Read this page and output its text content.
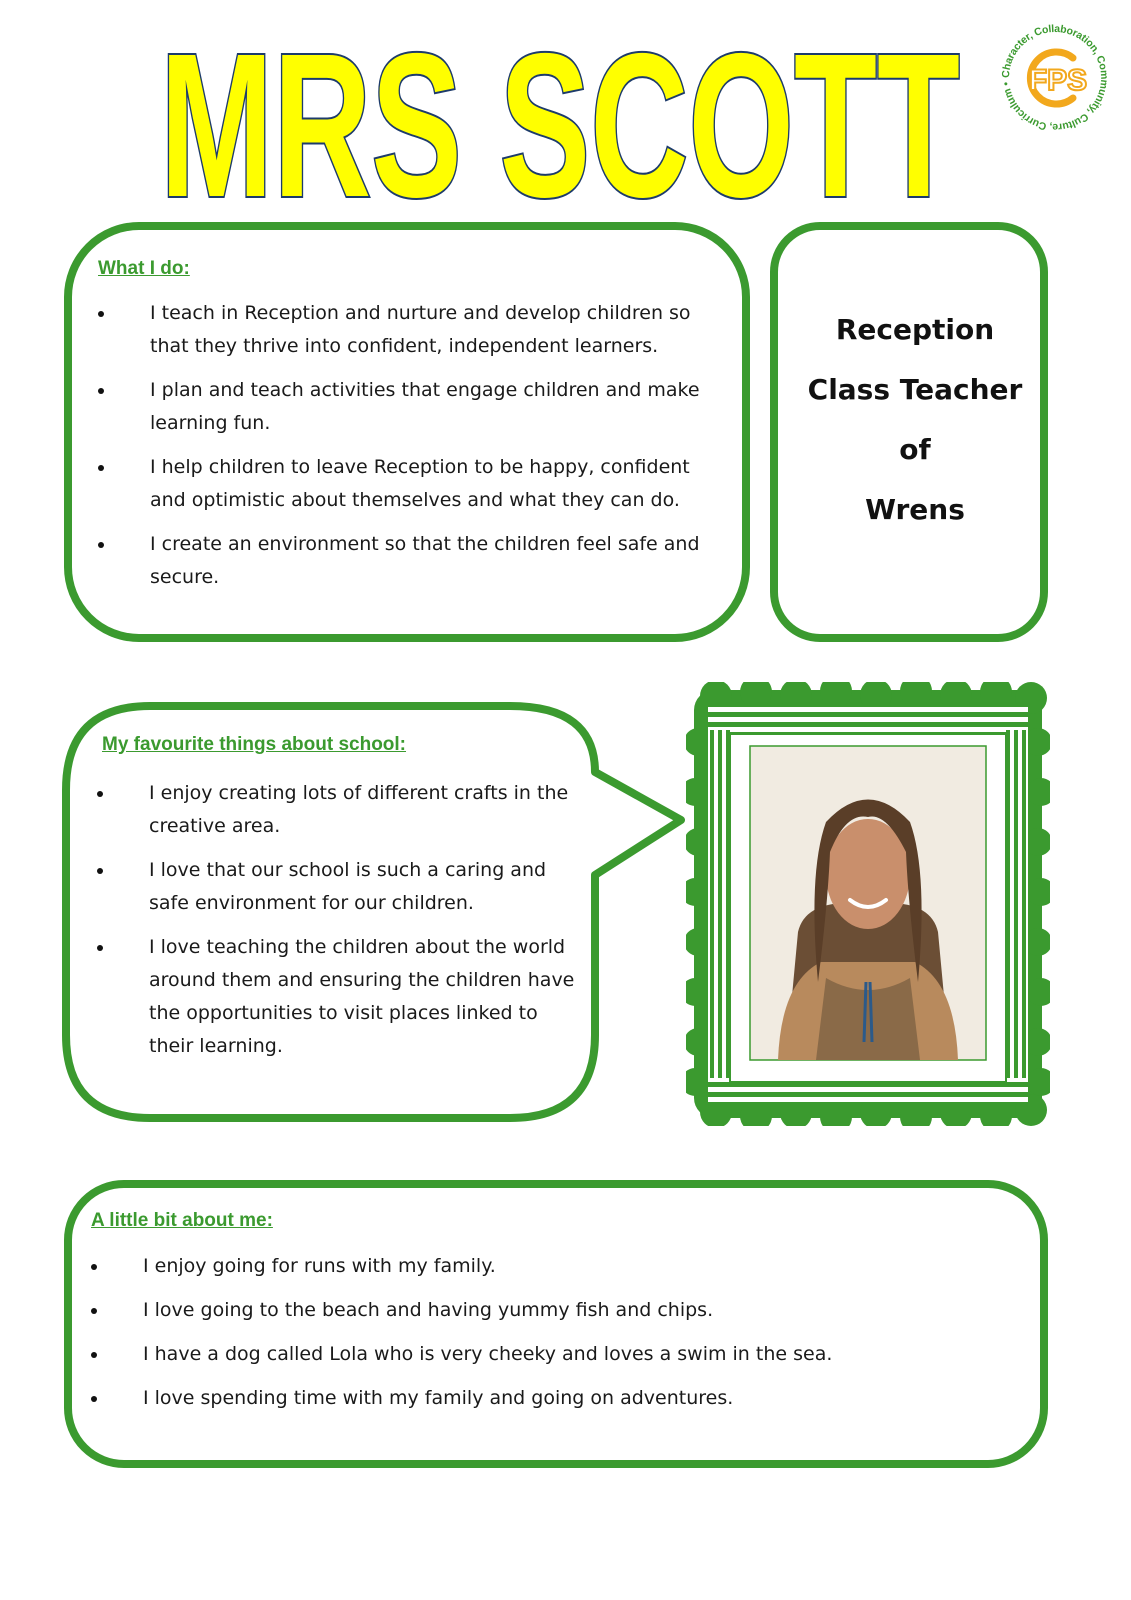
MRS SCOTT	Character, Collaboration, Community, Culture, Curriculum • FPS
What I do:
I teach in Reception and nurture and develop children so that they thrive into confident, independent learners.
I plan and teach activities that engage children and make learning fun.
I help children to leave Reception to be happy, confident and optimistic about themselves and what they can do.
I create an environment so that the children feel safe and secure.
Reception
Class Teacher
of
Wrens
My favourite things about school:
I enjoy creating lots of different crafts in the creative area.
I love that our school is such a caring and safe environment for our children.
I love teaching the children about the world around them and ensuring the children have the opportunities to visit places linked to their learning.
A little bit about me:
I enjoy going for runs with my family.
I love going to the beach and having yummy fish and chips.
I have a dog called Lola who is very cheeky and loves a swim in the sea.
I love spending time with my family and going on adventures.
